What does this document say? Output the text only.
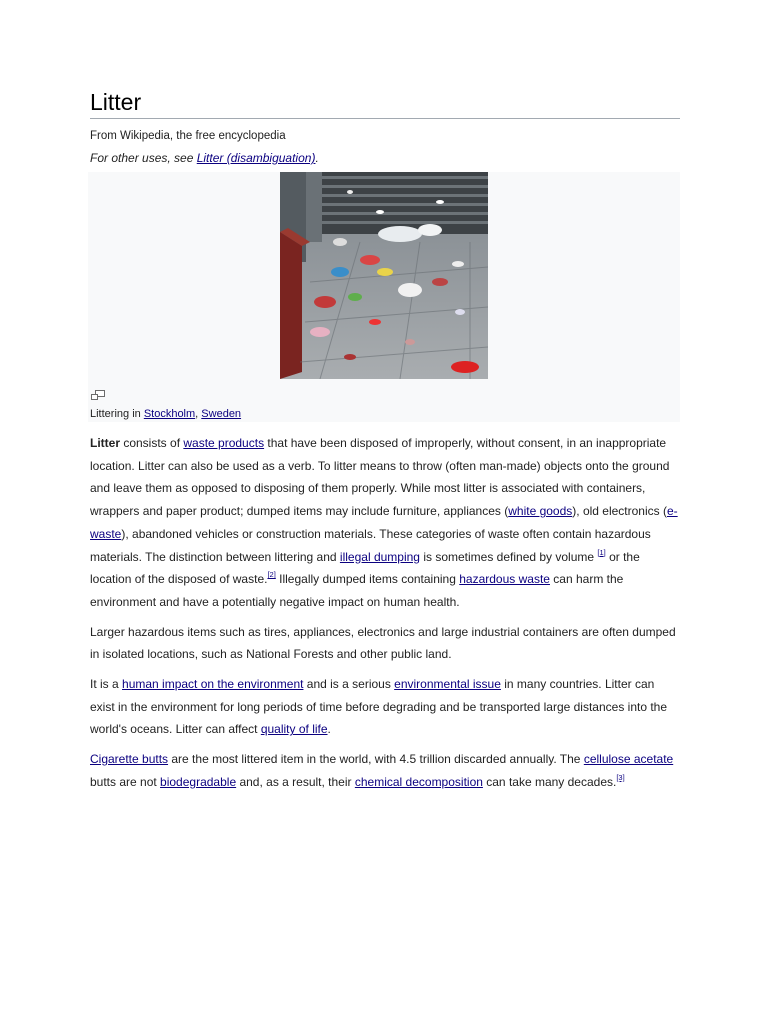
Litter
From Wikipedia, the free encyclopedia
For other uses, see Litter (disambiguation).
Littering in Stockholm, Sweden

Litter consists of waste products that have been disposed of improperly, without consent, in an inappropriate location. Litter can also be used as a verb. To litter means to throw (often man-made) objects onto the ground and leave them as opposed to disposing of them properly. While most litter is associated with containers, wrappers and paper product; dumped items may include furniture, appliances (white goods), old electronics (e-waste), abandoned vehicles or construction materials. These categories of waste often contain hazardous materials. The distinction between littering and illegal dumping is sometimes defined by volume [1] or the location of the disposed of waste.[2] Illegally dumped items containing hazardous waste can harm the environment and have a potentially negative impact on human health.

Larger hazardous items such as tires, appliances, electronics and large industrial containers are often dumped in isolated locations, such as National Forests and other public land.

It is a human impact on the environment and is a serious environmental issue in many countries. Litter can exist in the environment for long periods of time before degrading and be transported large distances into the world's oceans. Litter can affect quality of life.

Cigarette butts are the most littered item in the world, with 4.5 trillion discarded annually. The cellulose acetate butts are not biodegradable and, as a result, their chemical decomposition can take many decades.[3]
